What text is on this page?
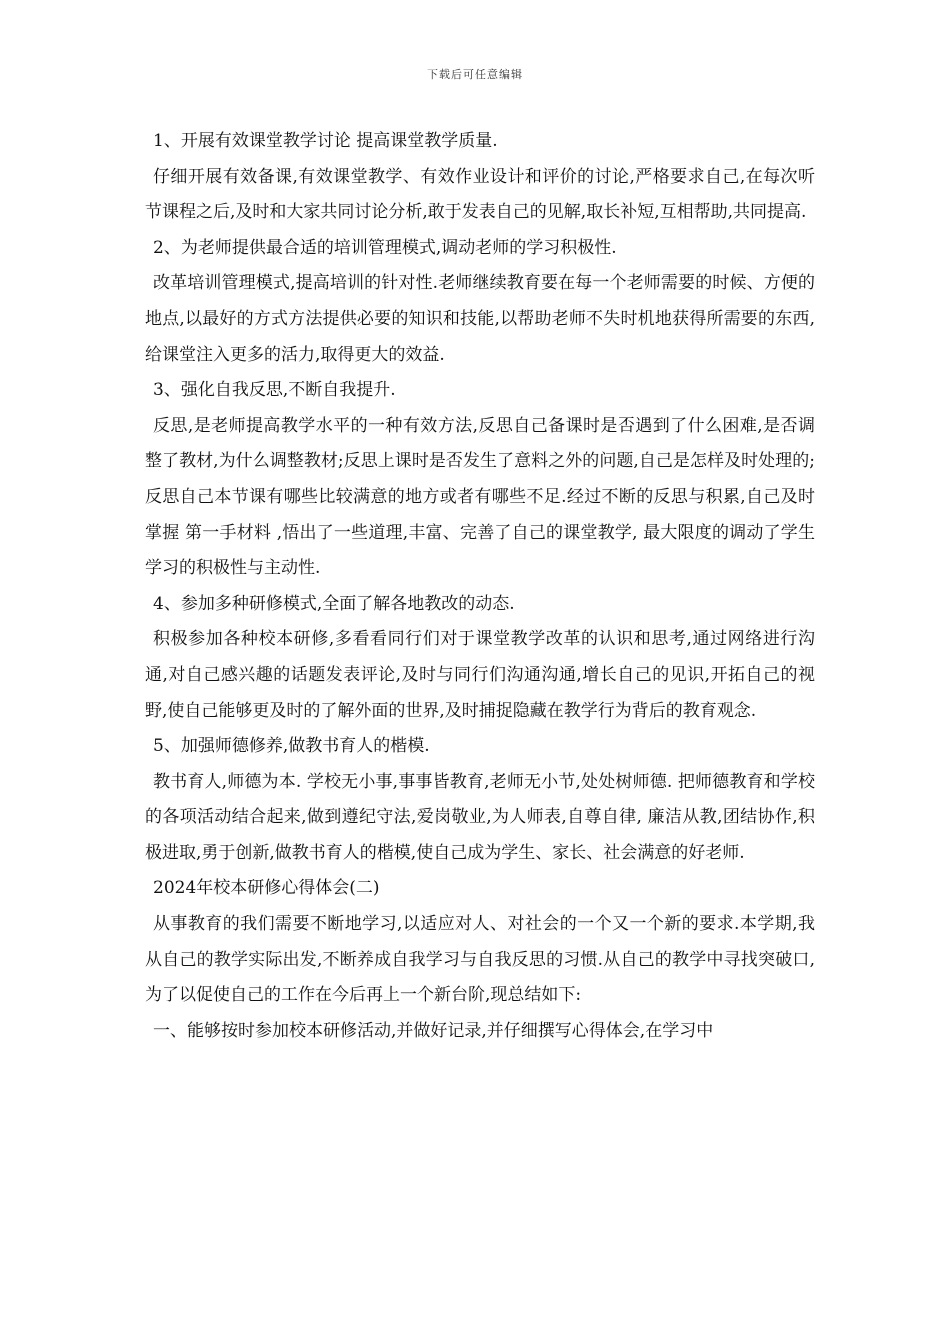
下载后可任意编辑

1、开展有效课堂教学讨论 提高课堂教学质量.

仔细开展有效备课,有效课堂教学、有效作业设计和评价的讨论,严格要求自己,在每次听节课程之后,及时和大家共同讨论分析,敢于发表自己的见解,取长补短,互相帮助,共同提高.

2、为老师提供最合适的培训管理模式,调动老师的学习积极性.

改革培训管理模式,提高培训的针对性.老师继续教育要在每一个老师需要的时候、方便的地点,以最好的方式方法提供必要的知识和技能,以帮助老师不失时机地获得所需要的东西,给课堂注入更多的活力,取得更大的效益.

3、强化自我反思,不断自我提升.

反思,是老师提高教学水平的一种有效方法,反思自己备课时是否遇到了什么困难,是否调整了教材,为什么调整教材;反思上课时是否发生了意料之外的问题,自己是怎样及时处理的;反思自己本节课有哪些比较满意的地方或者有哪些不足.经过不断的反思与积累,自己及时掌握 第一手材料 ,悟出了一些道理,丰富、完善了自己的课堂教学, 最大限度的调动了学生学习的积极性与主动性.

4、参加多种研修模式,全面了解各地教改的动态.

积极参加各种校本研修,多看看同行们对于课堂教学改革的认识和思考,通过网络进行沟通,对自己感兴趣的话题发表评论,及时与同行们沟通沟通,增长自己的见识,开拓自己的视野,使自己能够更及时的了解外面的世界,及时捕捉隐藏在教学行为背后的教育观念.

5、加强师德修养,做教书育人的楷模.

教书育人,师德为本. 学校无小事,事事皆教育,老师无小节,处处树师德. 把师德教育和学校的各项活动结合起来,做到遵纪守法,爱岗敬业,为人师表,自尊自律, 廉洁从教,团结协作,积极进取,勇于创新,做教书育人的楷模,使自己成为学生、家长、社会满意的好老师.

2024年校本研修心得体会(二)

从事教育的我们需要不断地学习,以适应对人、对社会的一个又一个新的要求.本学期,我从自己的教学实际出发,不断养成自我学习与自我反思的习惯.从自己的教学中寻找突破口,为了以促使自己的工作在今后再上一个新台阶,现总结如下:

一、能够按时参加校本研修活动,并做好记录,并仔细撰写心得体会,在学习中
